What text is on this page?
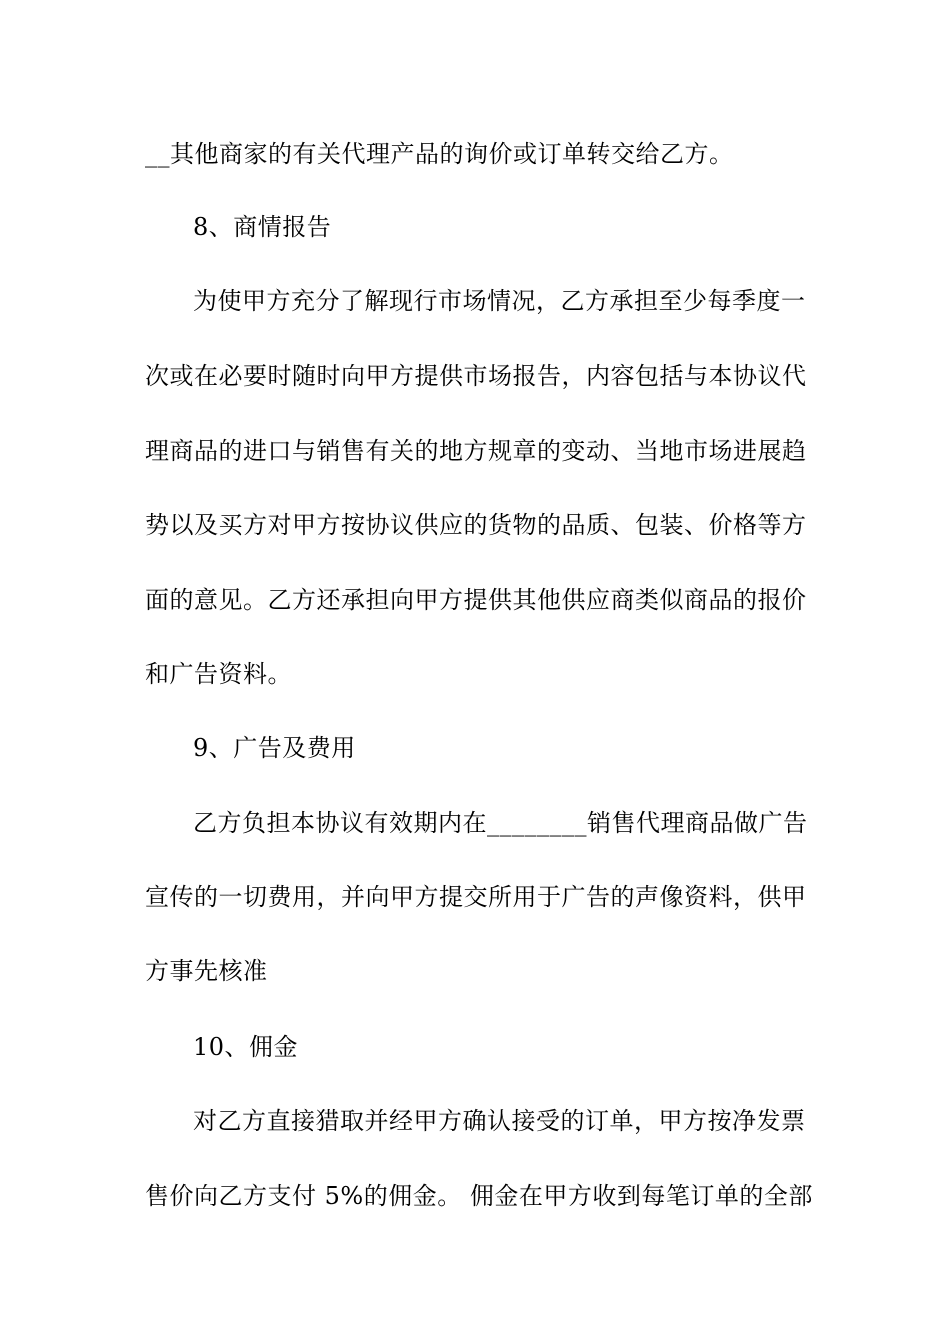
__其他商家的有关代理产品的询价或订单转交给乙方。
8、商情报告
为使甲方充分了解现行市场情况，乙方承担至少每季度一
次或在必要时随时向甲方提供市场报告，内容包括与本协议代
理商品的进口与销售有关的地方规章的变动、当地市场进展趋
势以及买方对甲方按协议供应的货物的品质、包装、价格等方
面的意见。乙方还承担向甲方提供其他供应商类似商品的报价
和广告资料。
9、广告及费用
乙方负担本协议有效期内在________销售代理商品做广告
宣传的一切费用，并向甲方提交所用于广告的声像资料，供甲
方事先核准
10、佣金
对乙方直接猎取并经甲方确认接受的订单，甲方按净发票
售价向乙方支付 5%的佣金。 佣金在甲方收到每笔订单的全部
